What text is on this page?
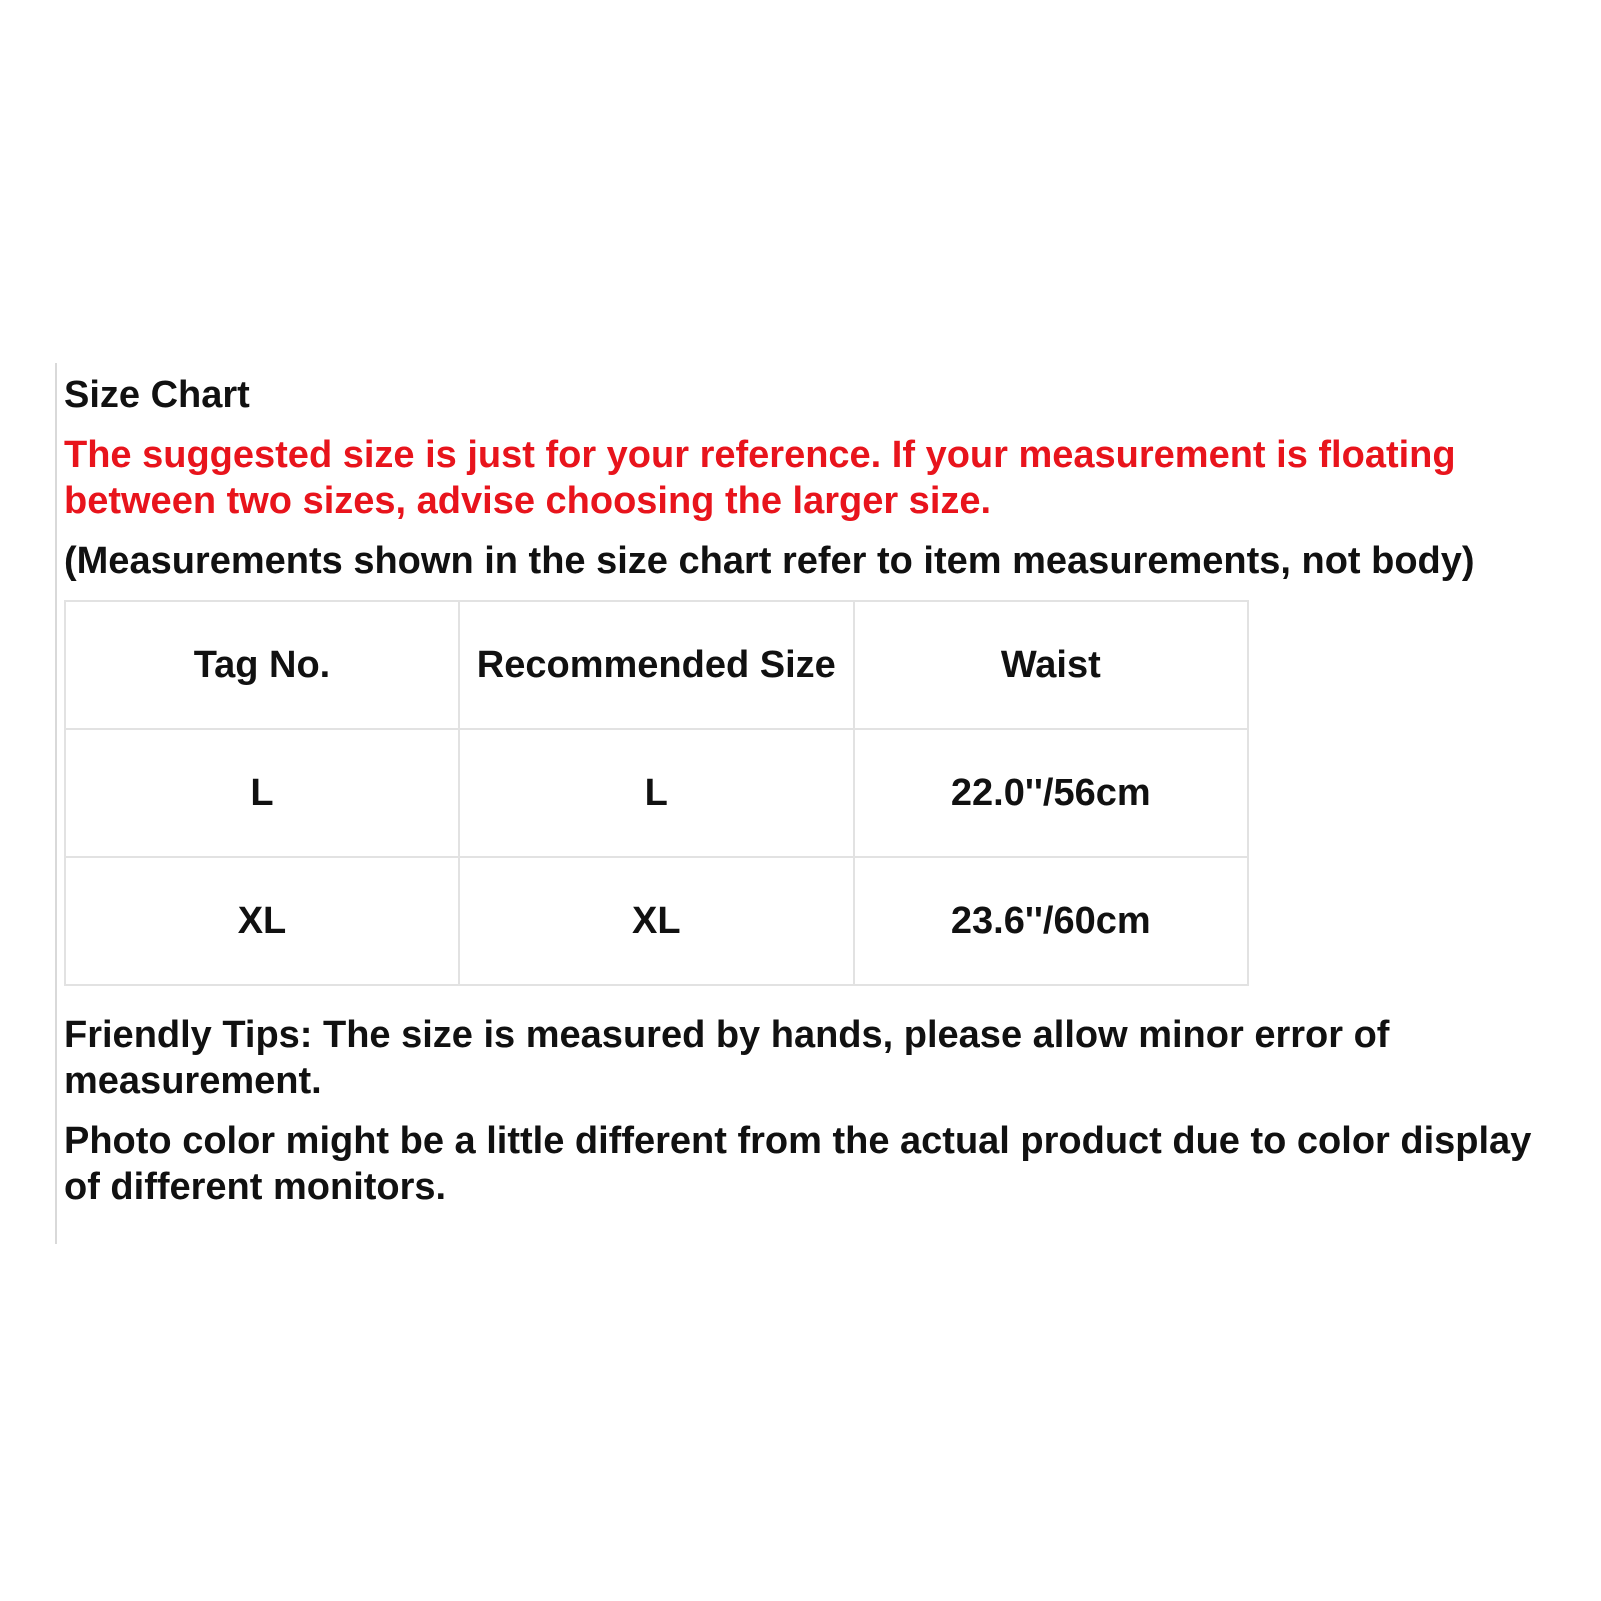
Size Chart
The suggested size is just for your reference. If your measurement is floating between two sizes, advise choosing the larger size.
(Measurements shown in the size chart refer to item measurements, not body)
Tag No.	Recommended Size	Waist
L	L	22.0''/56cm
XL	XL	23.6''/60cm
Friendly Tips: The size is measured by hands, please allow minor error of measurement.
Photo color might be a little different from the actual product due to color display of different monitors.
